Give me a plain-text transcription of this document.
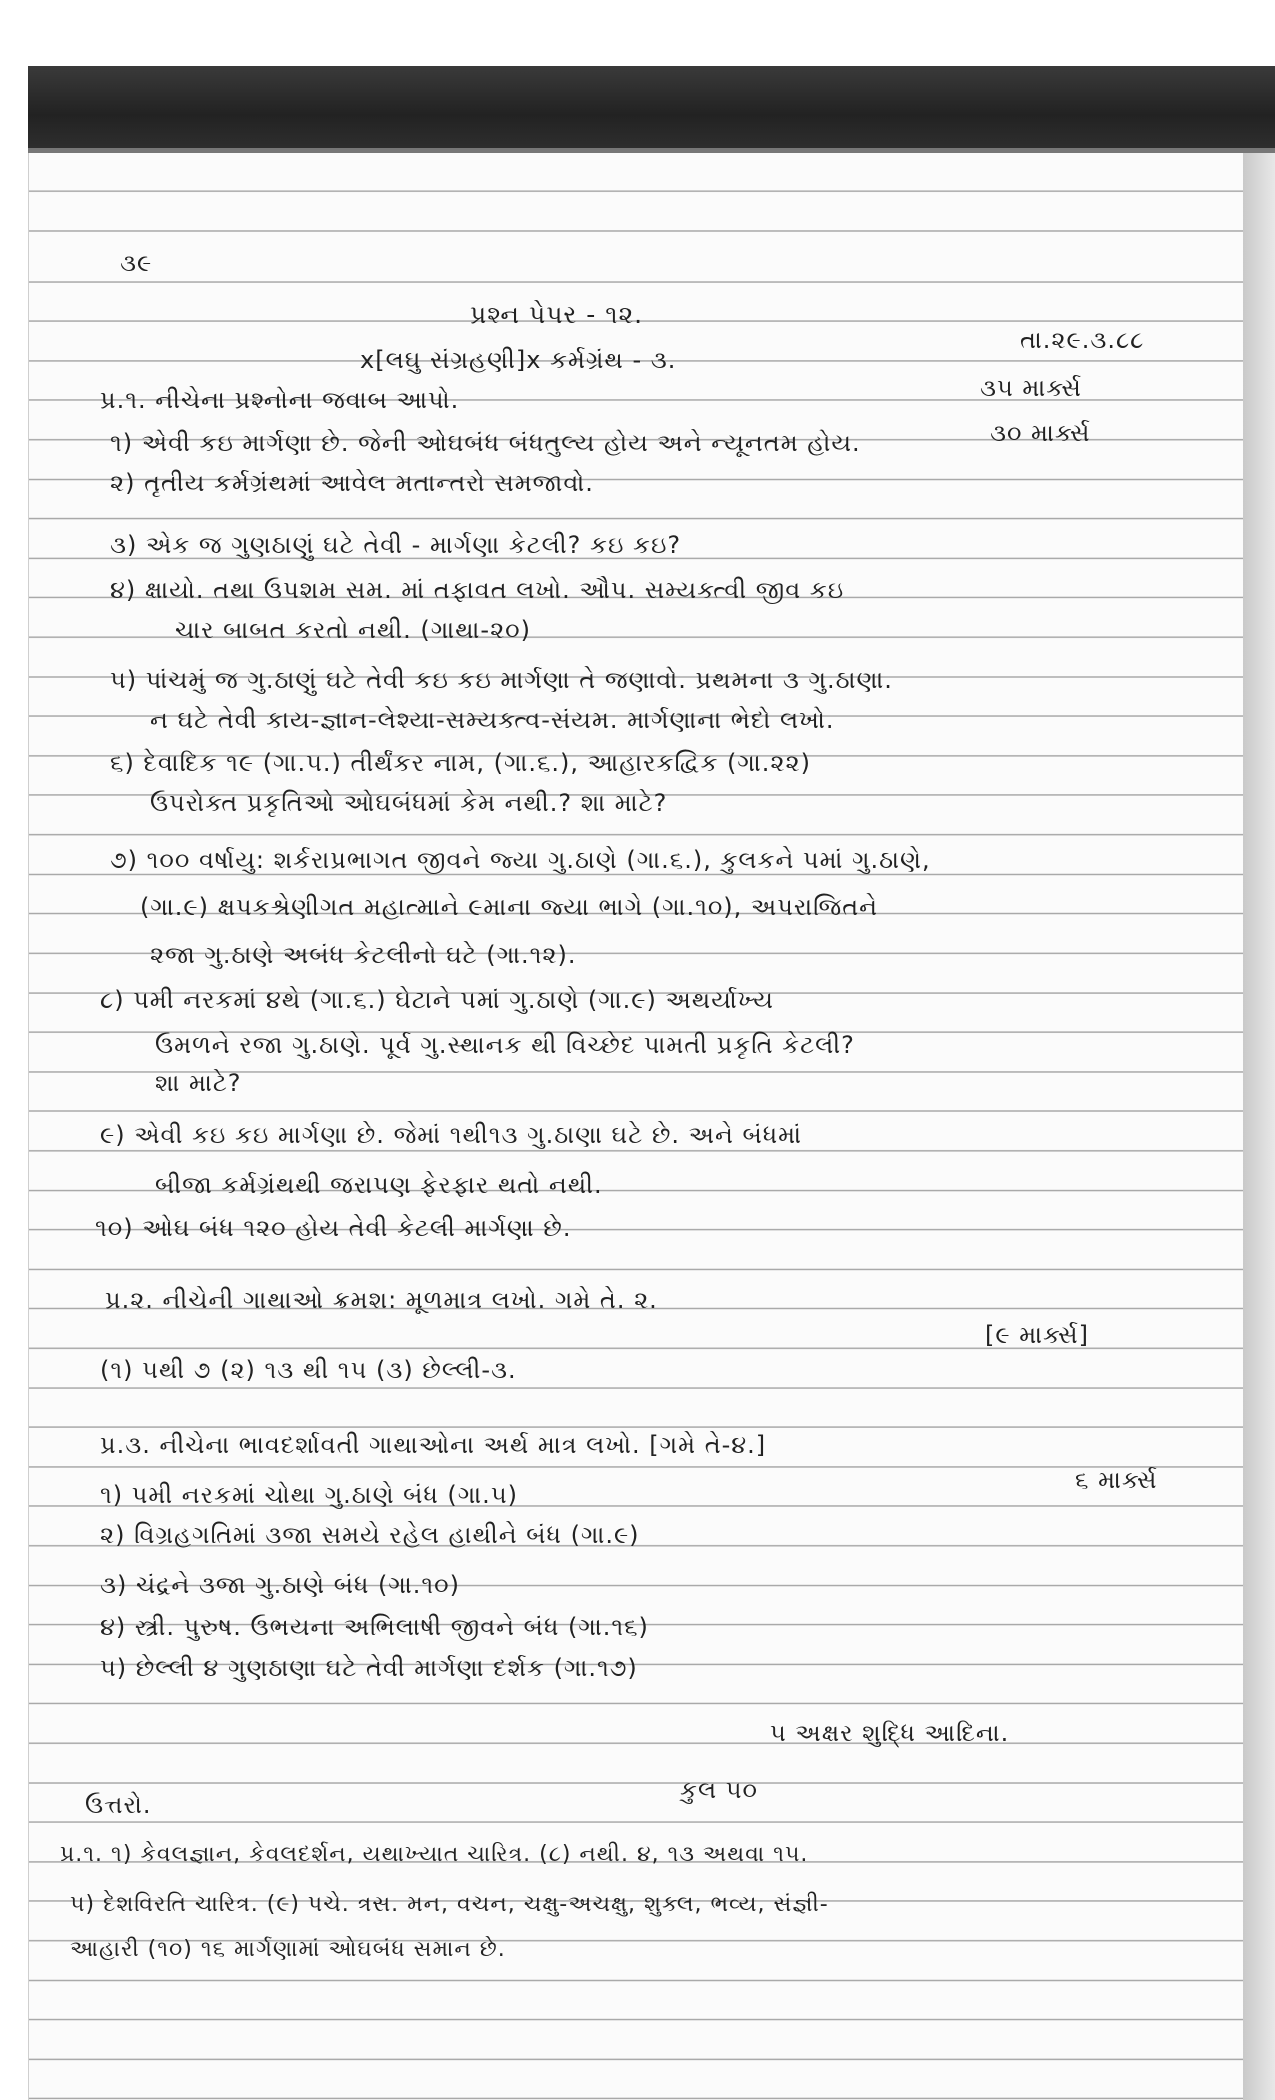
૩૯
પ્રશ્ન પેપર - ૧૨.
તા.૨૯.૩.૮૮
x[લઘુ સંગ્રહણી]x કર્મગ્રંથ - ૩.
૩૫ માર્ક્સ
પ્ર.૧. નીચેના પ્રશ્નોના જવાબ આપો.
૩૦ માર્ક્સ
૧) એવી કઇ માર્ગણા છે. જેની ઓઘબંધ બંધતુલ્ય હોય અને ન્યૂનતમ હોય.
૨) તૃતીય કર્મગ્રંથમાં આવેલ મતાન્તરો સમજાવો.
૩) એક જ ગુણઠાણું ઘટે તેવી - માર્ગણા કેટલી? કઇ કઇ?
૪) ક્ષાયો. તથા ઉપશમ સમ. માં તફાવત લખો. ઔપ. સમ્યક્ત્વી જીવ કઇ
ચાર બાબત કરતો નથી. (ગાથા-૨૦)
૫) પાંચમું જ ગુ.ઠાણું ઘટે તેવી કઇ કઇ માર્ગણા તે જણાવો. પ્રથમના ૩ ગુ.ઠાણા.
ન ઘટે તેવી કાય-જ્ઞાન-લેશ્યા-સમ્યક્ત્વ-સંયમ. માર્ગણાના ભેદો લખો.
૬) દેવાદિક ૧૯ (ગા.૫.) તીર્થંકર નામ, (ગા.૬.), આહારકદ્વિક (ગા.૨૨)
ઉપરોક્ત પ્રકૃતિઓ ઓઘબંધમાં કેમ નથી.? શા માટે?
૭) ૧૦૦ વર્ષાયુ: શર્કરાપ્રભાગત જીવને જ્યા ગુ.ઠાણે (ગા.૬.), કુલકને પમાં ગુ.ઠાણે,
(ગા.૯) ક્ષપકશ્રેણીગત મહાત્માને ૯માના જ્યા ભાગે (ગા.૧૦), અપરાજિતને
૨જા ગુ.ઠાણે અબંધ કેટલીનો ઘટે (ગા.૧૨).
૮) પમી નરકમાં ૪થે (ગા.૬.) ઘેટાને પમાં ગુ.ઠાણે (ગા.૯) અથર્યાખ્ય
ઉમળને રજા ગુ.ઠાણે. પૂર્વ ગુ.સ્થાનક થી વિચ્છેદ પામતી પ્રકૃતિ કેટલી?
શા માટે?
૯) એવી કઇ કઇ માર્ગણા છે. જેમાં ૧થી૧૩ ગુ.ઠાણા ઘટે છે. અને બંધમાં
બીજા કર્મગ્રંથથી જરાપણ ફેરફાર થતો નથી.
૧૦) ઓઘ બંધ ૧૨૦ હોય તેવી કેટલી માર્ગણા છે.
પ્ર.૨. નીચેની ગાથાઓ ક્રમશ: મૂળમાત્ર લખો. ગમે તે. ૨.
[૯ માર્ક્સ]
(૧) ૫થી ૭ (૨) ૧૩ થી ૧૫ (૩) છેલ્લી-૩.
પ્ર.૩. નીચેના ભાવદર્શાવતી ગાથાઓના અર્થ માત્ર લખો. [ગમે તે-૪.]
૬ માર્ક્સ
૧) પમી નરકમાં ચોથા ગુ.ઠાણે બંધ (ગા.૫)
૨) વિગ્રહગતિમાં ૩જા સમયે રહેલ હાથીને બંધ (ગા.૯)
૩) ચંદ્રને ૩જા ગુ.ઠાણે બંધ (ગા.૧૦)
૪) સ્ત્રી. પુરુષ. ઉભયના અભિલાષી જીવને બંધ (ગા.૧૬)
૫) છેલ્લી ૪ ગુણઠાણા ઘટે તેવી માર્ગણા દર્શક (ગા.૧૭)
૫ અક્ષર શુદ્ધિ આદિના.
કુલ ૫૦
ઉત્તરો.
પ્ર.૧. ૧) કેવલજ્ઞાન, કેવલદર્શન, યથાખ્યાત ચારિત્ર. (૮) નથી. ૪, ૧૩ અથવા ૧૫.
૫) દેશવિરતિ ચારિત્ર. (૯) પચે. ત્રસ. મન, વચન, ચક્ષુ-અચક્ષુ, શુક્લ, ભવ્ય, સંજ્ઞી-
આહારી (૧૦) ૧૬ માર્ગણામાં ઓઘબંધ સમાન છે.
